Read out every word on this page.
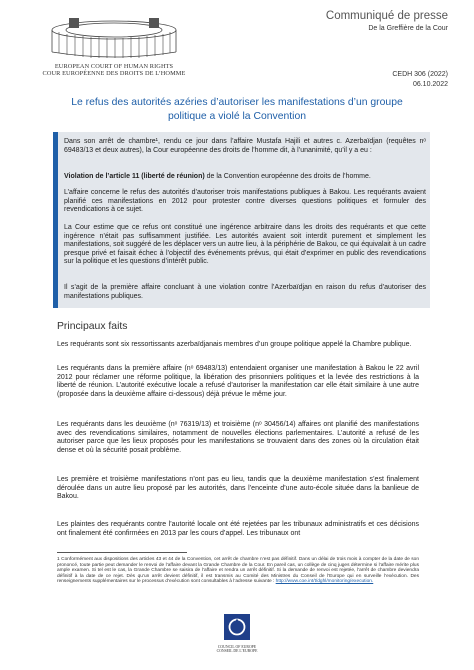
EUROPEAN COURT OF HUMAN RIGHTS
COUR EUROPÉENNE DES DROITS DE L’HOMME
Communiqué de presse
De la Greffière de la Cour
CEDH 306 (2022)
06.10.2022
Le refus des autorités azéries d’autoriser les manifestations d’un groupe
politique a violé la Convention

Dans son arrêt de chambre¹, rendu ce jour dans l’affaire Mustafa Hajili et autres c. Azerbaïdjan (requêtes nᵒ 69483/13 et deux autres), la Cour européenne des droits de l’homme dit, à l’unanimité, qu’il y a eu :

Violation de l’article 11 (liberté de réunion) de la Convention européenne des droits de l’homme.

L’affaire concerne le refus des autorités d’autoriser trois manifestations publiques à Bakou. Les requérants avaient planifié ces manifestations en 2012 pour protester contre diverses questions politiques et formuler des revendications à ce sujet.

La Cour estime que ce refus ont constitué une ingérence arbitraire dans les droits des requérants et que cette ingérence n’était pas suffisamment justifiée. Les autorités avaient soit interdit purement et simplement les manifestations, soit suggéré de les déplacer vers un autre lieu, à la périphérie de Bakou, ce qui équivalait à un cadre presque privé et faisait échec à l’objectif des événements prévus, qui était d’exprimer en public des revendications sur la politique et les questions d’intérêt public.

Il s’agit de la première affaire concluant à une violation contre l’Azerbaïdjan en raison du refus d’autoriser des manifestations publiques.

Principaux faits

Les requérants sont six ressortissants azerbaïdjanais membres d’un groupe politique appelé la Chambre publique.

Les requérants dans la première affaire (nᵒ 69483/13) entendaient organiser une manifestation à Bakou le 22 avril 2012 pour réclamer une réforme politique, la libération des prisonniers politiques et la levée des restrictions à la liberté de réunion. L’autorité exécutive locale a refusé d’autoriser la manifestation car elle était similaire à une autre (proposée dans la deuxième affaire ci-dessous) déjà prévue le même jour.

Les requérants dans les deuxième (nᵒ 76319/13) et troisième (nᵒ 30456/14) affaires ont planifié des manifestations avec des revendications similaires, notamment de nouvelles élections parlementaires. L’autorité a refusé de les autoriser parce que les lieux proposés pour les manifestations se trouvaient dans des zones où la circulation était dense et où la sécurité posait problème.

Les première et troisième manifestations n’ont pas eu lieu, tandis que la deuxième manifestation s’est finalement déroulée dans un autre lieu proposé par les autorités, dans l’enceinte d’une auto-école située dans la banlieue de Bakou.

Les plaintes des requérants contre l’autorité locale ont été rejetées par les tribunaux administratifs et ces décisions ont finalement été confirmées en 2013 par les cours d’appel. Les tribunaux ont

1 Conformément aux dispositions des articles 43 et 44 de la Convention, cet arrêt de chambre n’est pas définitif. Dans un délai de trois mois à compter de la date de son prononcé, toute partie peut demander le renvoi de l’affaire devant la Grande Chambre de la Cour. En pareil cas, un collège de cinq juges détermine si l’affaire mérite plus ample examen. Si tel est le cas, la Grande Chambre se saisira de l’affaire et rendra un arrêt définitif. Si la demande de renvoi est rejetée, l’arrêt de chambre deviendra définitif à la date de ce rejet. Dès qu’un arrêt devient définitif, il est transmis au Comité des Ministres du Conseil de l’Europe qui en surveille l’exécution. Des renseignements supplémentaires sur le processus d’exécution sont consultables à l’adresse suivante : http://www.coe.int/t/dghl/monitoring/execution.
COUNCIL OF EUROPE
CONSEIL DE L’EUROPE
